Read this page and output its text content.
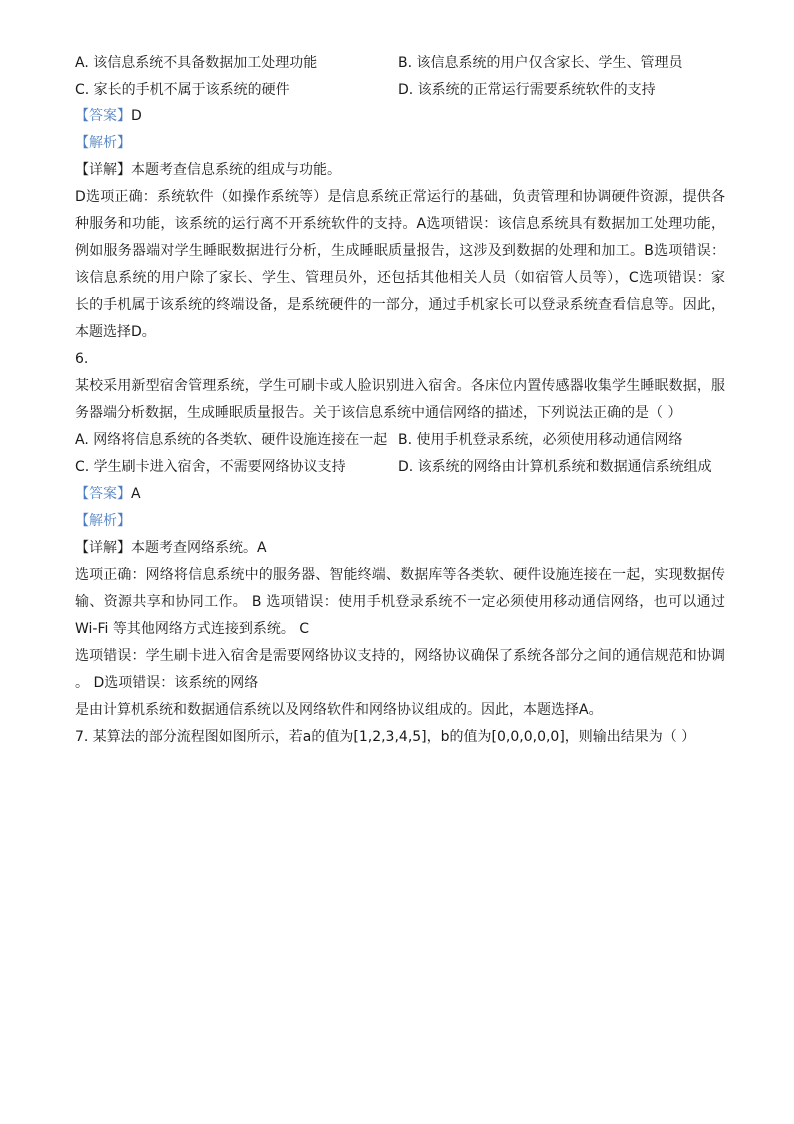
A. 该信息系统不具备数据加工处理功能	B. 该信息系统的用户仅含家长、学生、管理员
C. 家长的手机不属于该系统的硬件	D. 该系统的正常运行需要系统软件的支持
【答案】D
【解析】
【详解】本题考查信息系统的组成与功能。
D选项正确：系统软件（如操作系统等）是信息系统正常运行的基础，负责管理和协调硬件资源，提供各
种服务和功能，该系统的运行离不开系统软件的支持。A选项错误：该信息系统具有数据加工处理功能，
例如服务器端对学生睡眠数据进行分析，生成睡眠质量报告，这涉及到数据的处理和加工。B选项错误：
该信息系统的用户除了家长、学生、管理员外，还包括其他相关人员（如宿管人员等），C选项错误：家
长的手机属于该系统的终端设备，是系统硬件的一部分，通过手机家长可以登录系统查看信息等。因此，
本题选择D。
6.
某校采用新型宿舍管理系统，学生可刷卡或人脸识别进入宿舍。各床位内置传感器收集学生睡眠数据，服
务器端分析数据，生成睡眠质量报告。关于该信息系统中通信网络的描述，下列说法正确的是（ ）
A. 网络将信息系统的各类软、硬件设施连接在一起 B. 使用手机登录系统，必须使用移动通信网络
C. 学生刷卡进入宿舍，不需要网络协议支持	D. 该系统的网络由计算机系统和数据通信系统组成
【答案】A
【解析】
【详解】本题考查网络系统。A
选项正确：网络将信息系统中的服务器、智能终端、数据库等各类软、硬件设施连接在一起，实现数据传
输、资源共享和协同工作。 B 选项错误：使用手机登录系统不一定必须使用移动通信网络，也可以通过
Wi-Fi 等其他网络方式连接到系统。 C
选项错误：学生刷卡进入宿舍是需要网络协议支持的，网络协议确保了系统各部分之间的通信规范和协调
。 D选项错误：该系统的网络
是由计算机系统和数据通信系统以及网络软件和网络协议组成的。因此，本题选择A。
7. 某算法的部分流程图如图所示，若a的值为[1,2,3,4,5]，b的值为[0,0,0,0,0]，则输出结果为（ ）
